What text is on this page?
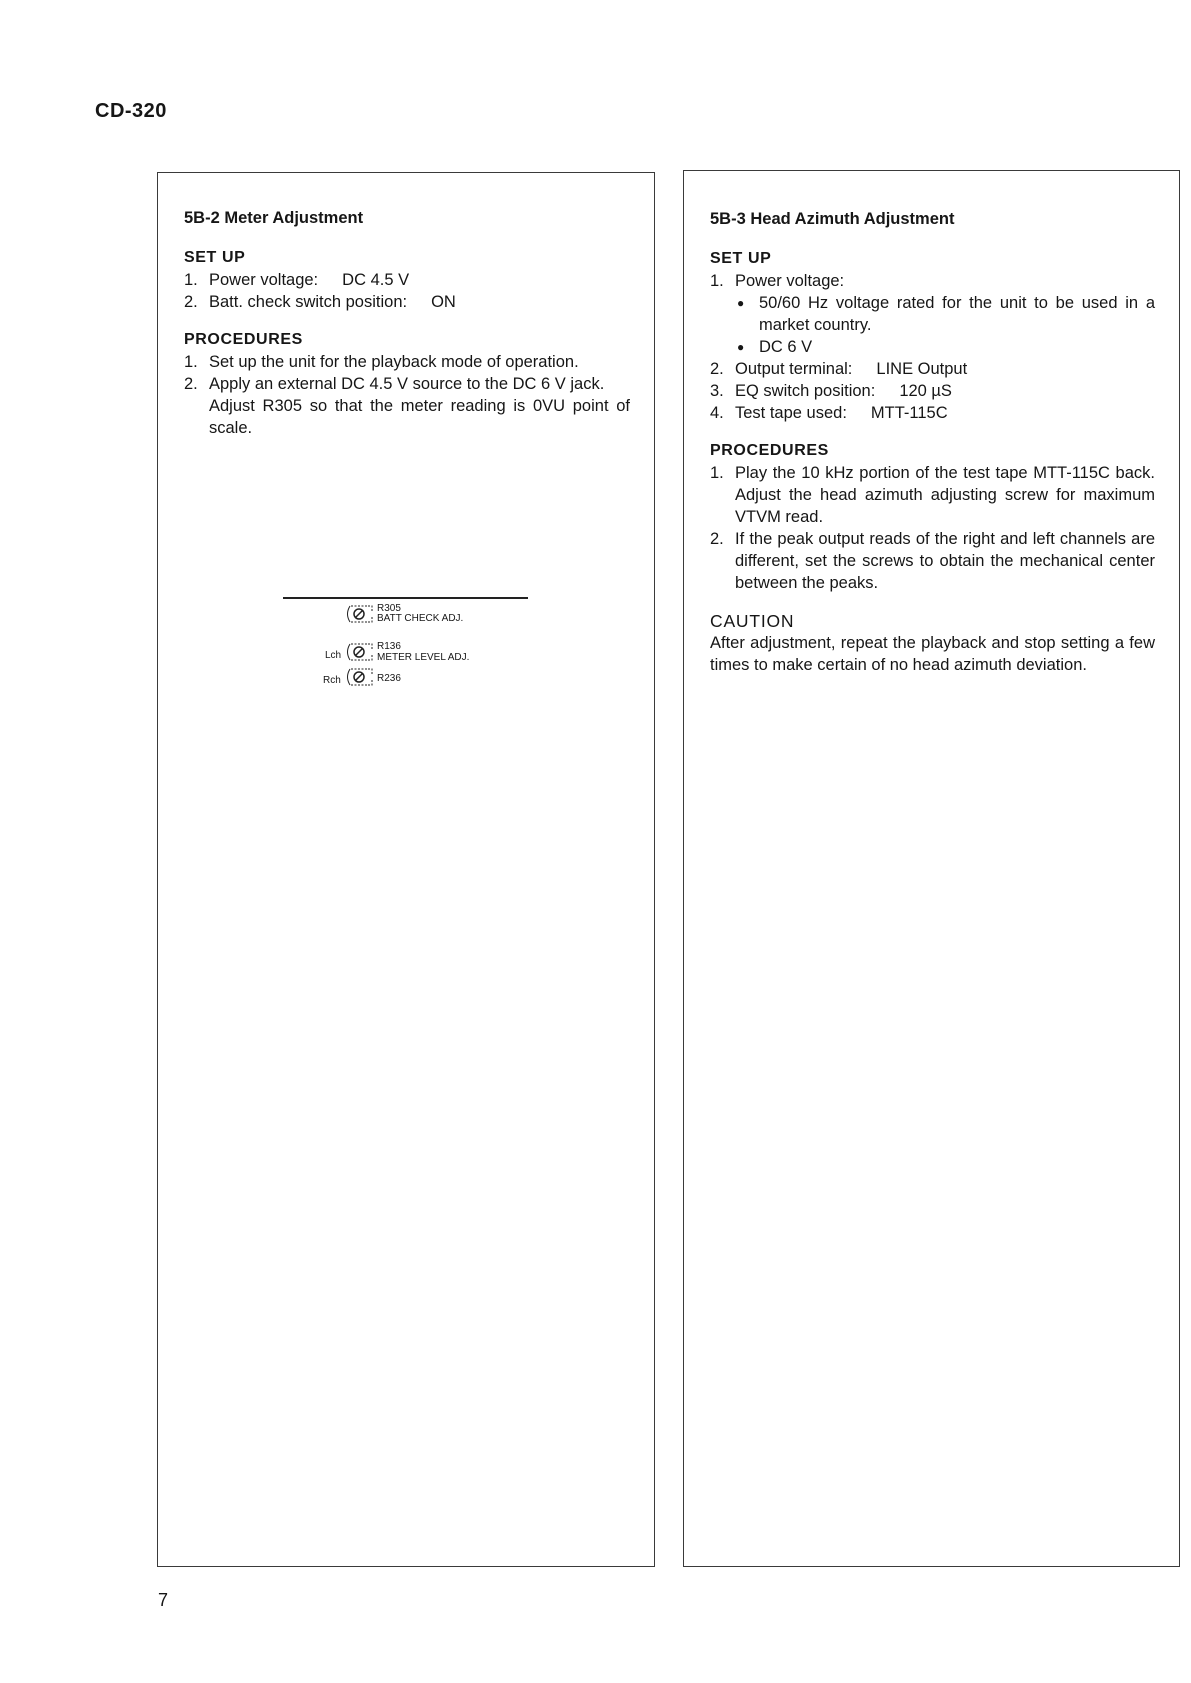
CD-320
5B-2 Meter Adjustment
SET UP
1. Power voltage: DC 4.5 V
2. Batt. check switch position: ON
PROCEDURES
1. Set up the unit for the playback mode of operation.
2. Apply an external DC 4.5 V source to the DC 6 V jack.
Adjust R305 so that the meter reading is 0VU point of scale.
R305
BATT CHECK ADJ.
R136
METER LEVEL ADJ.
Lch
Rch	R236
5B-3 Head Azimuth Adjustment
SET UP
1. Power voltage:
● 50/60 Hz voltage rated for the unit to be used in a market country.
● DC 6 V
2. Output terminal: LINE Output
3. EQ switch position: 120 µS
4. Test tape used: MTT-115C
PROCEDURES
1. Play the 10 kHz portion of the test tape MTT-115C back. Adjust the head azimuth adjusting screw for maximum VTVM read.
2. If the peak output reads of the right and left channels are different, set the screws to obtain the mechanical center between the peaks.
CAUTION

After adjustment, repeat the playback and stop setting a few times to make certain of no head azimuth deviation.

7
